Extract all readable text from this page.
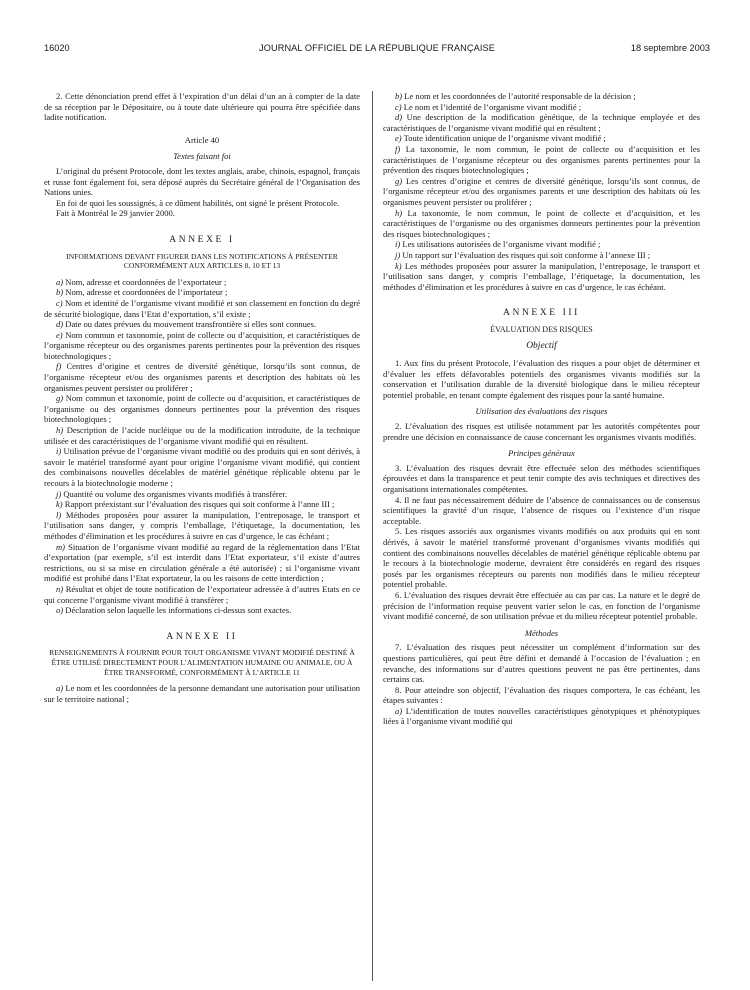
16020	JOURNAL OFFICIEL DE LA RÉPUBLIQUE FRANÇAISE	18 septembre 2003

2. Cette dénonciation prend effet à l’expiration d’un délai d’un an à compter de la date de sa réception par le Dépositaire, ou à toute date ultérieure qui pourra être spécifiée dans ladite notification.

Article 40

Textes faisant foi

L’original du présent Protocole, dont les textes anglais, arabe, chinois, espagnol, français et russe font également foi, sera déposé auprès du Secrétaire général de l’Organisation des Nations unies.

En foi de quoi les soussignés, à ce dûment habilités, ont signé le présent Protocole.

Fait à Montréal le 29 janvier 2000.

ANNEXE I

INFORMATIONS DEVANT FIGURER DANS LES NOTIFICATIONS À PRÉSENTER CONFORMÉMENT AUX ARTICLES 8, 10 ET 13

a) Nom, adresse et coordonnées de l’exportateur ;

b) Nom, adresse et coordonnées de l’importateur ;

c) Nom et identité de l’organisme vivant modifié et son classement en fonction du degré de sécurité biologique, dans l’Etat d’exportation, s’il existe ;

d) Date ou dates prévues du mouvement transfrontière si elles sont connues.

e) Nom commun et taxonomie, point de collecte ou d’acquisition, et caractéristiques de l’organisme récepteur ou des organismes parents pertinentes pour la prévention des risques biotechnologiques ;

f) Centres d’origine et centres de diversité génétique, lorsqu’ils sont connus, de l’organisme récepteur et/ou des organismes parents et description des habitats où les organismes peuvent persister ou proliférer ;

g) Nom commun et taxonomie, point de collecte ou d’acquisition, et caractéristiques de l’organisme ou des organismes donneurs pertinentes pour la prévention des risques biotechnologiques ;

h) Description de l’acide nucléique ou de la modification introduite, de la technique utilisée et des caractéristiques de l’organisme vivant modifié qui en résultent.

i) Utilisation prévue de l’organisme vivant modifié ou des produits qui en sont dérivés, à savoir le matériel transformé ayant pour origine l’organisme vivant modifié, qui contient des combinaisons nouvelles décelables de matériel génétique réplicable obtenu par le recours à la biotechnologie moderne ;

j) Quantité ou volume des organismes vivants modifiés à transférer.

k) Rapport préexistant sur l’évaluation des risques qui soit conforme à l’anne III ;

l) Méthodes proposées pour assurer la manipulation, l’entreposage, le transport et l’utilisation sans danger, y compris l’emballage, l’étiquetage, la documentation, les méthodes d’élimination et les procédures à suivre en cas d’urgence, le cas échéant ;

m) Situation de l’organisme vivant modifié au regard de la réglementation dans l’Etat d’exportation (par exemple, s’il est interdit dans l’Etat exportateur, s’il existe d’autres restrictions, ou si sa mise en circulation générale a été autorisée) ; si l’organisme vivant modifié est prohibé dans l’Etat exportateur, la ou les raisons de cette interdiction ;

n) Résultat et objet de toute notification de l’exportateur adressée à d’autres Etats en ce qui concerne l’organisme vivant modifié à transférer ;

o) Déclaration selon laquelle les informations ci-dessus sont exactes.

ANNEXE II

RENSEIGNEMENTS À FOURNIR POUR TOUT ORGANISME VIVANT MODIFIÉ DESTINÉ À ÊTRE UTILISÉ DIRECTEMENT POUR L’ALIMENTATION HUMAINE OU ANIMALE, OU À ÊTRE TRANSFORMÉ, CONFORMÉMENT À L’ARTICLE 11

a) Le nom et les coordonnées de la personne demandant une autorisation pour utilisation sur le territoire national ;

b) Le nom et les coordonnées de l’autorité responsable de la décision ;

c) Le nom et l’identité de l’organisme vivant modifié ;

d) Une description de la modification génétique, de la technique employée et des caractéristiques de l’organisme vivant modifié qui en résultent ;

e) Toute identification unique de l’organisme vivant modifié ;

f) La taxonomie, le nom commun, le point de collecte ou d’acquisition et les caractéristiques de l’organisme récepteur ou des organismes parents pertinentes pour la prévention des risques biotechnologiques ;

g) Les centres d’origine et centres de diversité génétique, lorsqu’ils sont connus, de l’organisme récepteur et/ou des organismes parents et une description des habitats où les organismes peuvent persister ou proliférer ;

h) La taxonomie, le nom commun, le point de collecte et d’acquisition, et les caractéristiques de l’organisme ou des organismes donneurs pertinentes pour la prévention des risques biotechnologiques ;

i) Les utilisations autorisées de l’organisme vivant modifié ;

j) Un rapport sur l’évaluation des risques qui soit conforme à l’annexe III ;

k) Les méthodes proposées pour assurer la manipulation, l’entreposage, le transport et l’utilisation sans danger, y compris l’emballage, l’étiquetage, la documentation, les méthodes d’élimination et les procédures à suivre en cas d’urgence, le cas échéant.

ANNEXE III

ÉVALUATION DES RISQUES

Objectif

1. Aux fins du présent Protocole, l’évaluation des risques a pour objet de déterminer et d’évaluer les effets défavorables potentiels des organismes vivants modifiés sur la conservation et l’utilisation durable de la diversité biologique dans le milieu récepteur potentiel probable, en tenant compte également des risques pour la santé humaine.

Utilisation des évaluations des risques

2. L’évaluation des risques est utilisée notamment par les autorités compétentes pour prendre une décision en connaissance de cause concernant les organismes vivants modifiés.

Principes généraux

3. L’évaluation des risques devrait être effectuée selon des méthodes scientifiques éprouvées et dans la transparence et peut tenir compte des avis techniques et directives des organisations internationales compétentes.

4. Il ne faut pas nécessairement déduire de l’absence de connaissances ou de consensus scientifiques la gravité d’un risque, l’absence de risques ou l’existence d’un risque acceptable.

5. Les risques associés aux organismes vivants modifiés ou aux produits qui en sont dérivés, à savoir le matériel transformé provenant d’organismes vivants modifiés qui contient des combinaisons nouvelles décelables de matériel génétique réplicable obtenu par le recours à la biotechnologie moderne, devraient être considérés en regard des risques posés par les organismes récepteurs ou parents non modifiés dans le milieu récepteur potentiel probable.

6. L’évaluation des risques devrait être effectuée au cas par cas. La nature et le degré de précision de l’information requise peuvent varier selon le cas, en fonction de l’organisme vivant modifié concerné, de son utilisation prévue et du milieu récepteur potentiel probable.

Méthodes

7. L’évaluation des risques peut nécessiter un complément d’information sur des questions particulières, qui peut être défini et demandé à l’occasion de l’évaluation ; en revanche, des informations sur d’autres questions peuvent ne pas être pertinentes, dans certains cas.

8. Pour atteindre son objectif, l’évaluation des risques comportera, le cas échéant, les étapes suivantes :

a) L’identification de toutes nouvelles caractéristiques génotypiques et phénotypiques liées à l’organisme vivant modifié qui
